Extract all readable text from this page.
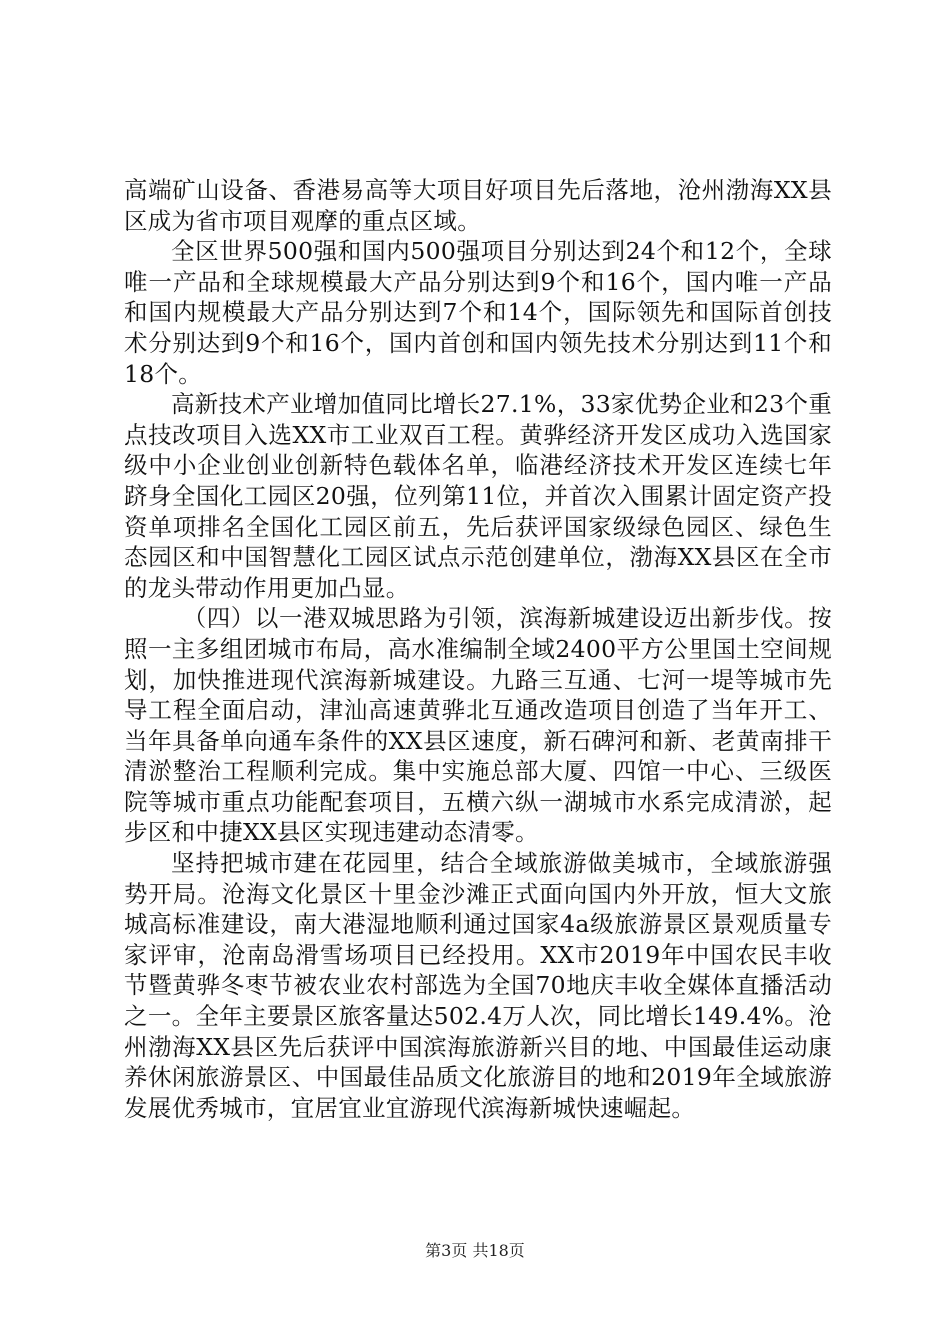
高端矿山设备、香港易高等大项目好项目先后落地，沧州渤海XX县区成为省市项目观摩的重点区域。

全区世界500强和国内500强项目分别达到24个和12个，全球唯一产品和全球规模最大产品分别达到9个和16个，国内唯一产品和国内规模最大产品分别达到7个和14个，国际领先和国际首创技术分别达到9个和16个，国内首创和国内领先技术分别达到11个和18个。

高新技术产业增加值同比增长27.1%，33家优势企业和23个重点技改项目入选XX市工业双百工程。黄骅经济开发区成功入选国家级中小企业创业创新特色载体名单，临港经济技术开发区连续七年跻身全国化工园区20强，位列第11位，并首次入围累计固定资产投资单项排名全国化工园区前五，先后获评国家级绿色园区、绿色生态园区和中国智慧化工园区试点示范创建单位，渤海XX县区在全市的龙头带动作用更加凸显。

（四）以一港双城思路为引领，滨海新城建设迈出新步伐。按照一主多组团城市布局，高水准编制全域2400平方公里国土空间规划，加快推进现代滨海新城建设。九路三互通、七河一堤等城市先导工程全面启动，津汕高速黄骅北互通改造项目创造了当年开工、当年具备单向通车条件的XX县区速度，新石碑河和新、老黄南排干清淤整治工程顺利完成。集中实施总部大厦、四馆一中心、三级医院等城市重点功能配套项目，五横六纵一湖城市水系完成清淤，起步区和中捷XX县区实现违建动态清零。

坚持把城市建在花园里，结合全域旅游做美城市，全域旅游强势开局。沧海文化景区十里金沙滩正式面向国内外开放，恒大文旅城高标准建设，南大港湿地顺利通过国家4a级旅游景区景观质量专家评审，沧南岛滑雪场项目已经投用。XX市2019年中国农民丰收节暨黄骅冬枣节被农业农村部选为全国70地庆丰收全媒体直播活动之一。全年主要景区旅客量达502.4万人次，同比增长149.4%。沧州渤海XX县区先后获评中国滨海旅游新兴目的地、中国最佳运动康养休闲旅游景区、中国最佳品质文化旅游目的地和2019年全域旅游发展优秀城市，宜居宜业宜游现代滨海新城快速崛起。

第3页 共18页
